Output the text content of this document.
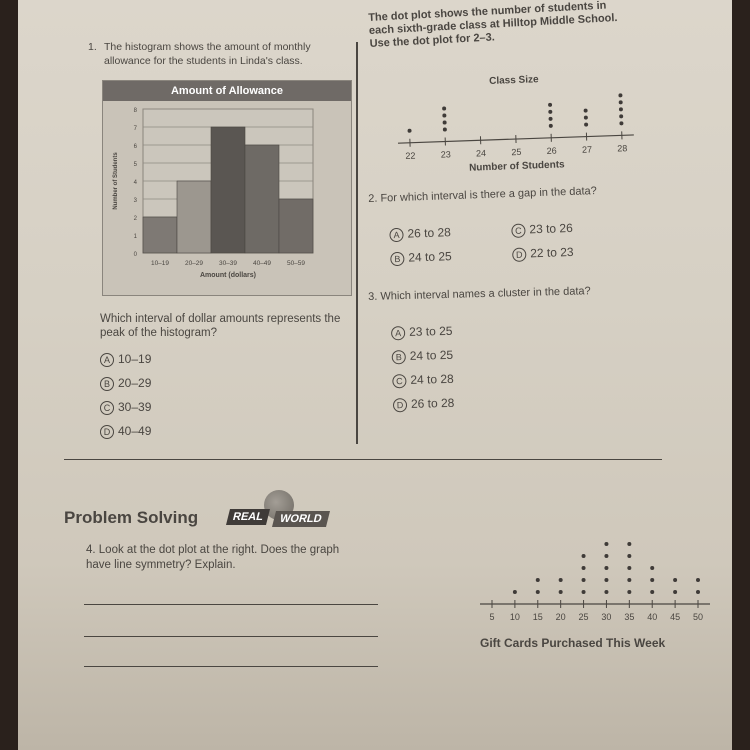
1. The histogram shows the amount of monthly allowance for the students in Linda's class.
Amount of Allowance
0
1
2
3
4
5
6
7
8
10–19 20–29 30–39 40–49 50–59
Amount (dollars)
Number of Students
The dot plot shows the number of students in each sixth-grade class at Hilltop Middle School. Use the dot plot for 2–3.
Class Size
22	23	24	25	26	27	28
Number of Students
2. For which interval is there a gap in the data?
A 26 to 28
B 24 to 25
C 23 to 26
D 22 to 23
3. Which interval names a cluster in the data?
A 23 to 25
B 24 to 25
C 24 to 28
D 26 to 28
Which interval of dollar amounts represents the peak of the histogram?
A 10–19
B 20–29
C 30–39
D 40–49
Problem Solving	REAL	WORLD
4. Look at the dot plot at the right. Does the graph have line symmetry? Explain.
5 10 15 20 25 30 35 40 45 50
Gift Cards Purchased This Week
